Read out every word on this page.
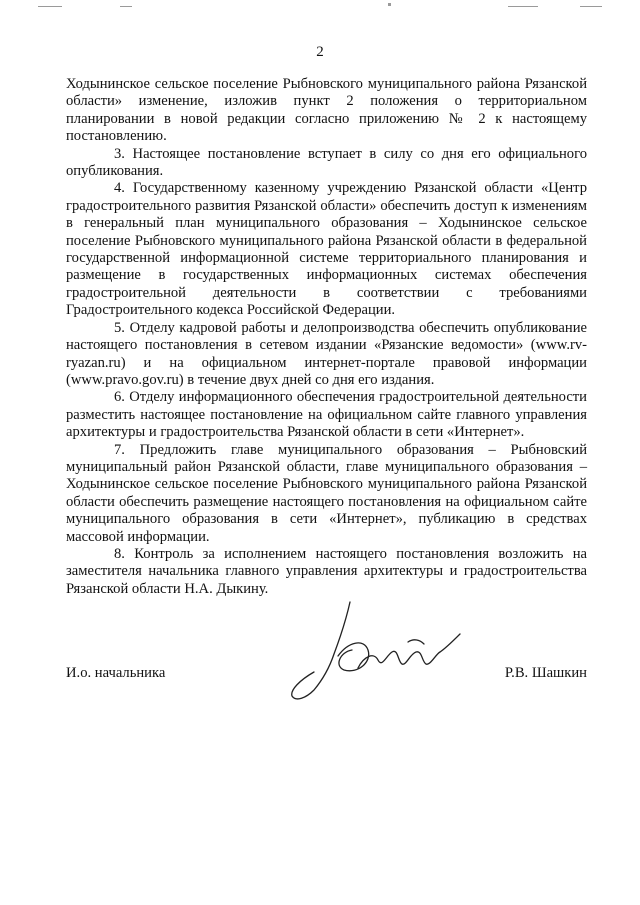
2

Ходынинское сельское поселение Рыбновского муниципального района Рязанской области» изменение, изложив пункт 2 положения о территориальном планировании в новой редакции согласно приложению № 2 к настоящему постановлению.

3. Настоящее постановление вступает в силу со дня его официального опубликования.

4. Государственному казенному учреждению Рязанской области «Центр градостроительного развития Рязанской области» обеспечить доступ к изменениям в генеральный план муниципального образования – Ходынинское сельское поселение Рыбновского муниципального района Рязанской области в федеральной государственной информационной системе территориального планирования и размещение в государственных информационных системах обеспечения градостроительной деятельности в соответствии с требованиями Градостроительного кодекса Российской Федерации.

5. Отделу кадровой работы и делопроизводства обеспечить опубликование настоящего постановления в сетевом издании «Рязанские ведомости» (www.rv-ryazan.ru) и на официальном интернет-портале правовой информации (www.pravo.gov.ru) в течение двух дней со дня его издания.

6. Отделу информационного обеспечения градостроительной деятельности разместить настоящее постановление на официальном сайте главного управления архитектуры и градостроительства Рязанской области в сети «Интернет».

7. Предложить главе муниципального образования – Рыбновский муниципальный район Рязанской области, главе муниципального образования – Ходынинское сельское поселение Рыбновского муниципального района Рязанской области обеспечить размещение настоящего постановления на официальном сайте муниципального образования в сети «Интернет», публикацию в средствах массовой информации.

8. Контроль за исполнением настоящего постановления возложить на заместителя начальника главного управления архитектуры и градостроительства Рязанской области Н.А. Дыкину.

И.о. начальника	Р.В. Шашкин
